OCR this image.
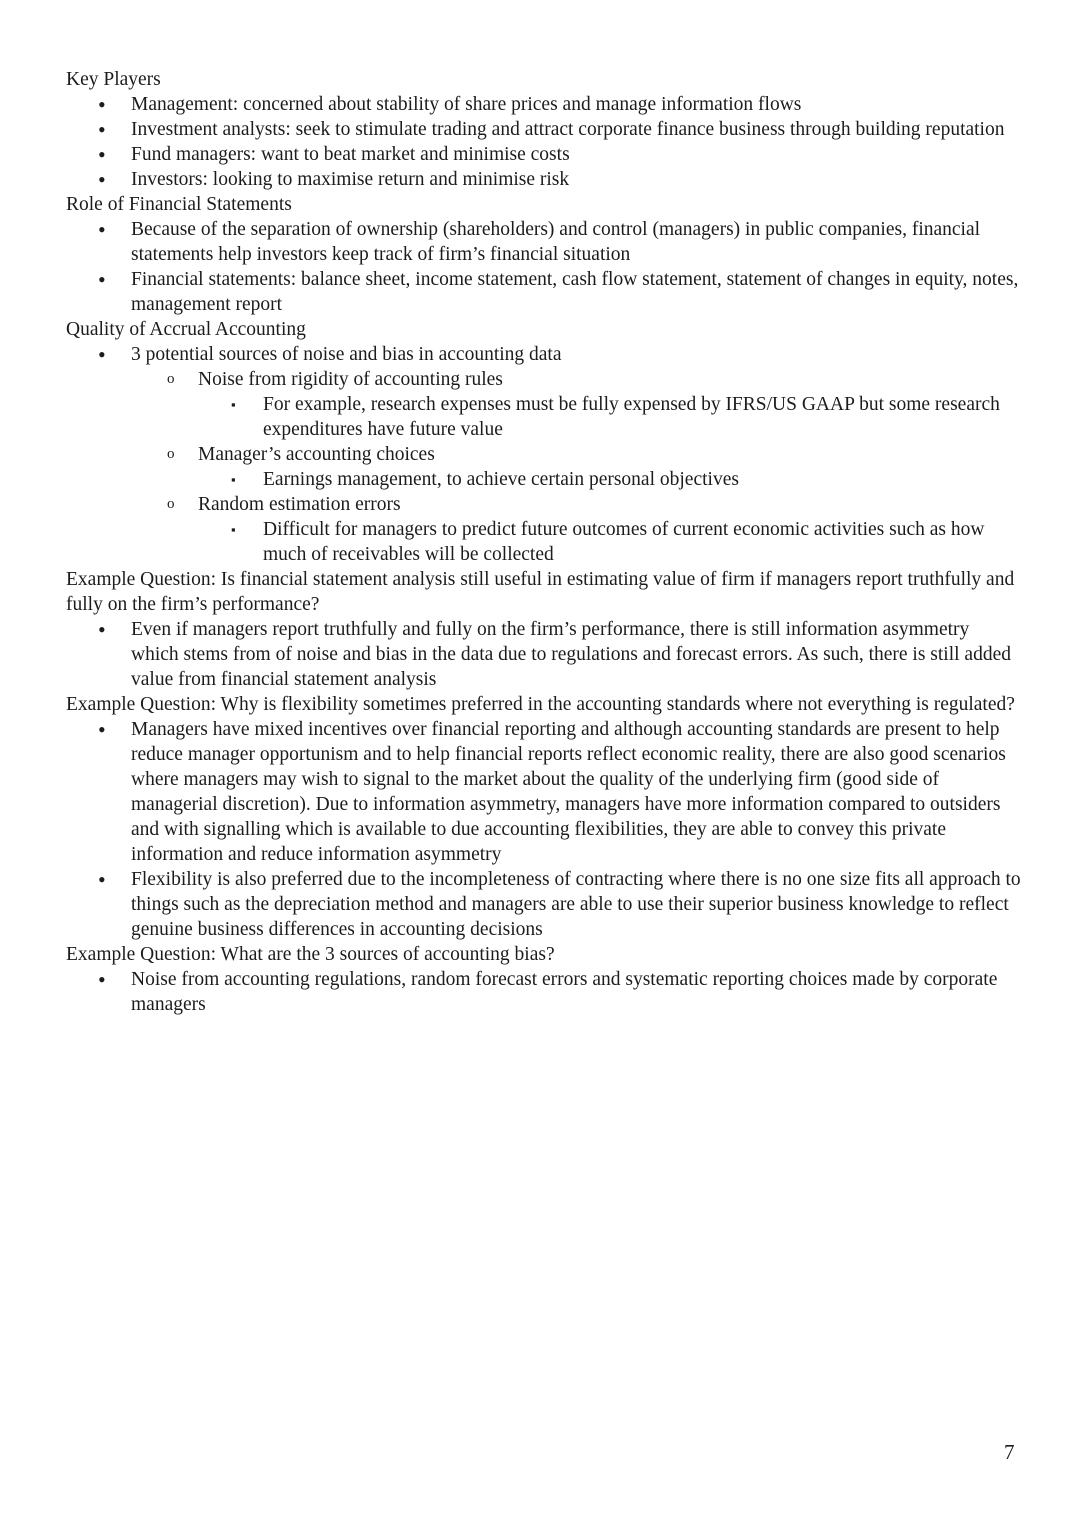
Key Players

• Management: concerned about stability of share prices and manage information flows
• Investment analysts: seek to stimulate trading and attract corporate finance business through building reputation
• Fund managers: want to beat market and minimise costs
• Investors: looking to maximise return and minimise risk

Role of Financial Statements

• Because of the separation of ownership (shareholders) and control (managers) in public companies, financial statements help investors keep track of firm’s financial situation
• Financial statements: balance sheet, income statement, cash flow statement, statement of changes in equity, notes, management report

Quality of Accrual Accounting

• 3 potential sources of noise and bias in accounting data
o Noise from rigidity of accounting rules
▪ For example, research expenses must be fully expensed by IFRS/US GAAP but some research expenditures have future value
o Manager’s accounting choices
▪ Earnings management, to achieve certain personal objectives
o Random estimation errors
▪ Difficult for managers to predict future outcomes of current economic activities such as how much of receivables will be collected

Example Question: Is financial statement analysis still useful in estimating value of firm if managers report truthfully and fully on the firm’s performance?

• Even if managers report truthfully and fully on the firm’s performance, there is still information asymmetry which stems from of noise and bias in the data due to regulations and forecast errors. As such, there is still added value from financial statement analysis

Example Question: Why is flexibility sometimes preferred in the accounting standards where not everything is regulated?

• Managers have mixed incentives over financial reporting and although accounting standards are present to help reduce manager opportunism and to help financial reports reflect economic reality, there are also good scenarios where managers may wish to signal to the market about the quality of the underlying firm (good side of managerial discretion). Due to information asymmetry, managers have more information compared to outsiders and with signalling which is available to due accounting flexibilities, they are able to convey this private information and reduce information asymmetry
• Flexibility is also preferred due to the incompleteness of contracting where there is no one size fits all approach to things such as the depreciation method and managers are able to use their superior business knowledge to reflect genuine business differences in accounting decisions

Example Question: What are the 3 sources of accounting bias?

• Noise from accounting regulations, random forecast errors and systematic reporting choices made by corporate managers
7
